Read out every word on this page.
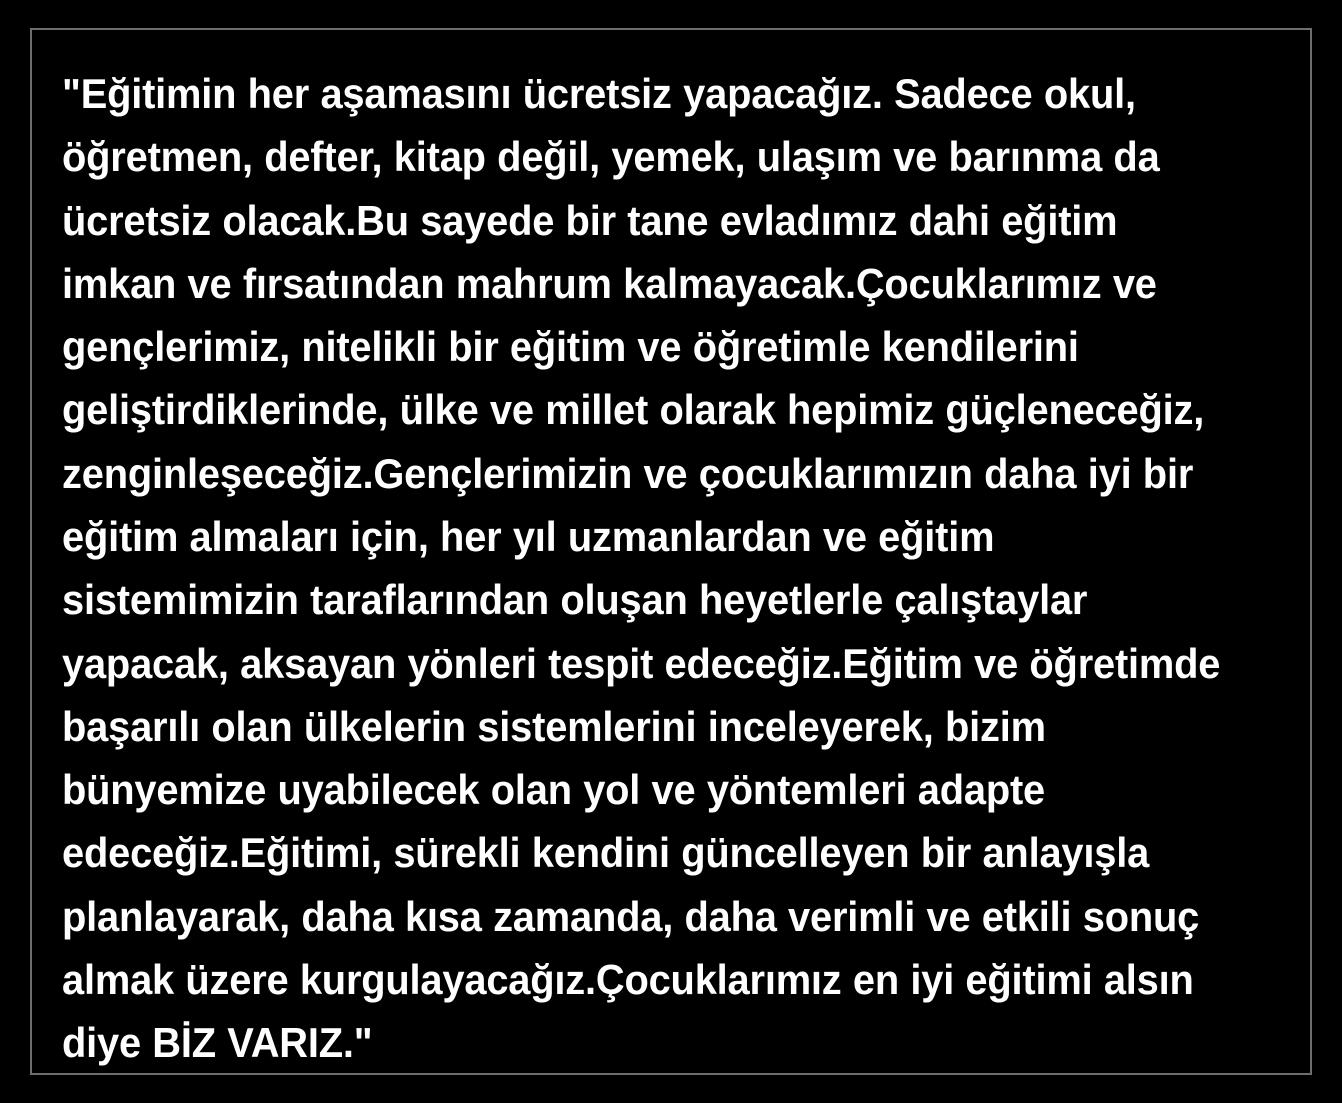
"Eğitimin her aşamasını ücretsiz yapacağız. Sadece okul, öğretmen, defter, kitap değil, yemek, ulaşım ve barınma da ücretsiz olacak.Bu sayede bir tane evladımız dahi eğitim imkan ve fırsatından mahrum kalmayacak.Çocuklarımız ve gençlerimiz, nitelikli bir eğitim ve öğretimle kendilerini geliştirdiklerinde, ülke ve millet olarak hepimiz güçleneceğiz, zenginleşeceğiz.Gençlerimizin ve çocuklarımızın daha iyi bir eğitim almaları için, her yıl uzmanlardan ve eğitim sistemimizin taraflarından oluşan heyetlerle çalıştaylar yapacak, aksayan yönleri tespit edeceğiz.Eğitim ve öğretimde başarılı olan ülkelerin sistemlerini inceleyerek, bizim bünyemize uyabilecek olan yol ve yöntemleri adapte edeceğiz.Eğitimi, sürekli kendini güncelleyen bir anlayışla planlayarak, daha kısa zamanda, daha verimli ve etkili sonuç almak üzere kurgulayacağız.Çocuklarımız en iyi eğitimi alsın diye BİZ VARIZ."
